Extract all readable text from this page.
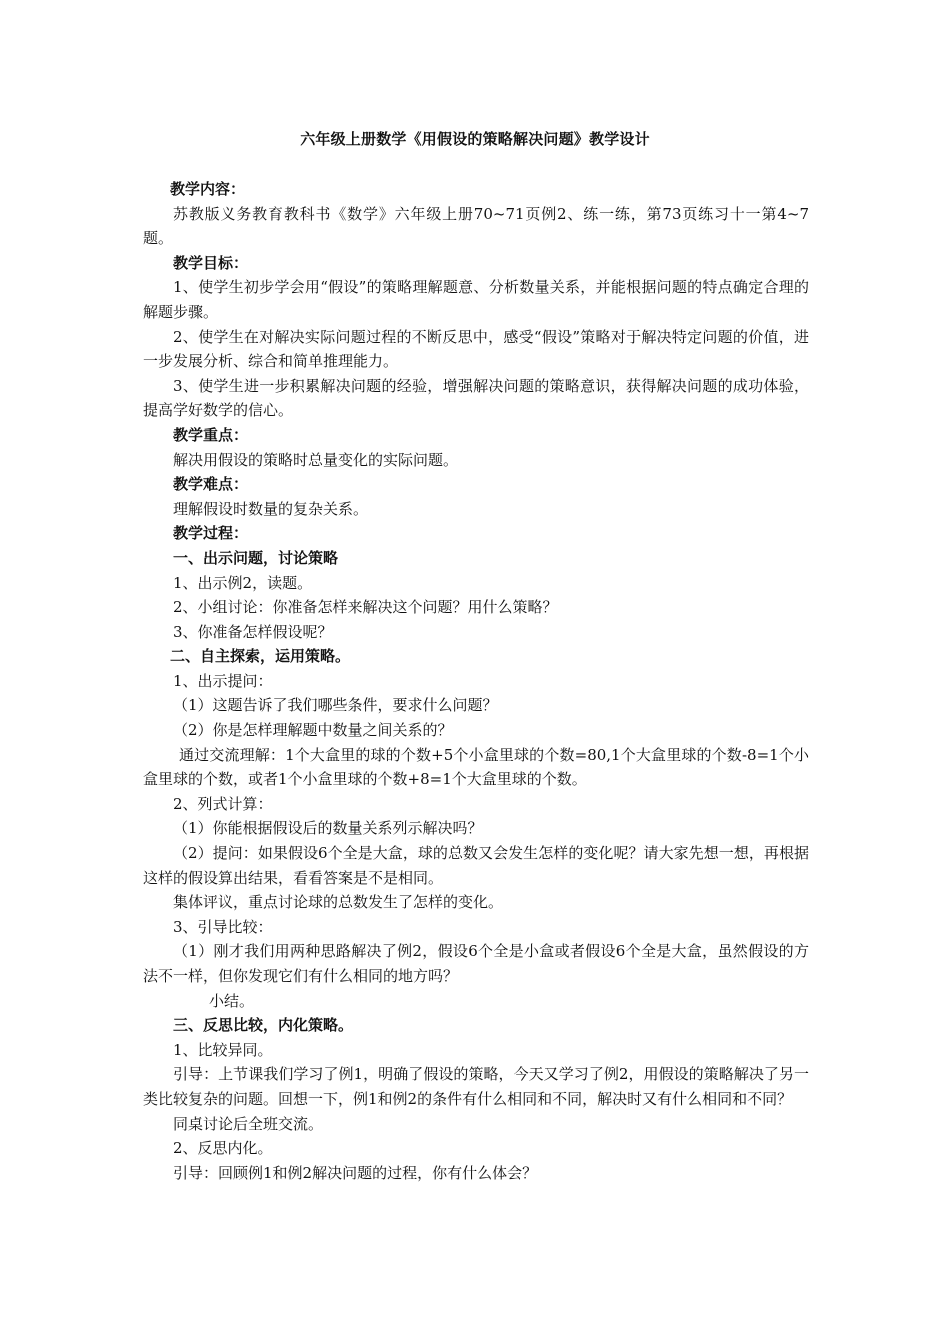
六年级上册数学《用假设的策略解决问题》教学设计

教学内容：

苏教版义务教育教科书《数学》六年级上册70~71页例2、练一练，第73页练习十一第4~7题。

教学目标：

1、使学生初步学会用“假设”的策略理解题意、分析数量关系，并能根据问题的特点确定合理的解题步骤。

2、使学生在对解决实际问题过程的不断反思中，感受“假设”策略对于解决特定问题的价值，进一步发展分析、综合和简单推理能力。

3、使学生进一步积累解决问题的经验，增强解决问题的策略意识，获得解决问题的成功体验，提高学好数学的信心。

教学重点：

解决用假设的策略时总量变化的实际问题。

教学难点：

理解假设时数量的复杂关系。

教学过程：

一、出示问题，讨论策略

1、出示例2，读题。

2、小组讨论：你准备怎样来解决这个问题？用什么策略？

3、你准备怎样假设呢？

二、自主探索，运用策略。

1、出示提问：

（1）这题告诉了我们哪些条件，要求什么问题？

（2）你是怎样理解题中数量之间关系的？

通过交流理解：1个大盒里的球的个数+5个小盒里球的个数=80,1个大盒里球的个数-8=1个小盒里球的个数，或者1个小盒里球的个数+8=1个大盒里球的个数。

2、列式计算：

（1）你能根据假设后的数量关系列示解决吗？

（2）提问：如果假设6个全是大盒，球的总数又会发生怎样的变化呢？请大家先想一想，再根据这样的假设算出结果，看看答案是不是相同。

集体评议，重点讨论球的总数发生了怎样的变化。

3、引导比较：

（1）刚才我们用两种思路解决了例2，假设6个全是小盒或者假设6个全是大盒，虽然假设的方法不一样，但你发现它们有什么相同的地方吗？

小结。

三、反思比较，内化策略。

1、比较异同。

引导：上节课我们学习了例1，明确了假设的策略，今天又学习了例2，用假设的策略解决了另一类比较复杂的问题。回想一下，例1和例2的条件有什么相同和不同，解决时又有什么相同和不同？

同桌讨论后全班交流。

2、反思内化。

引导：回顾例1和例2解决问题的过程，你有什么体会？
